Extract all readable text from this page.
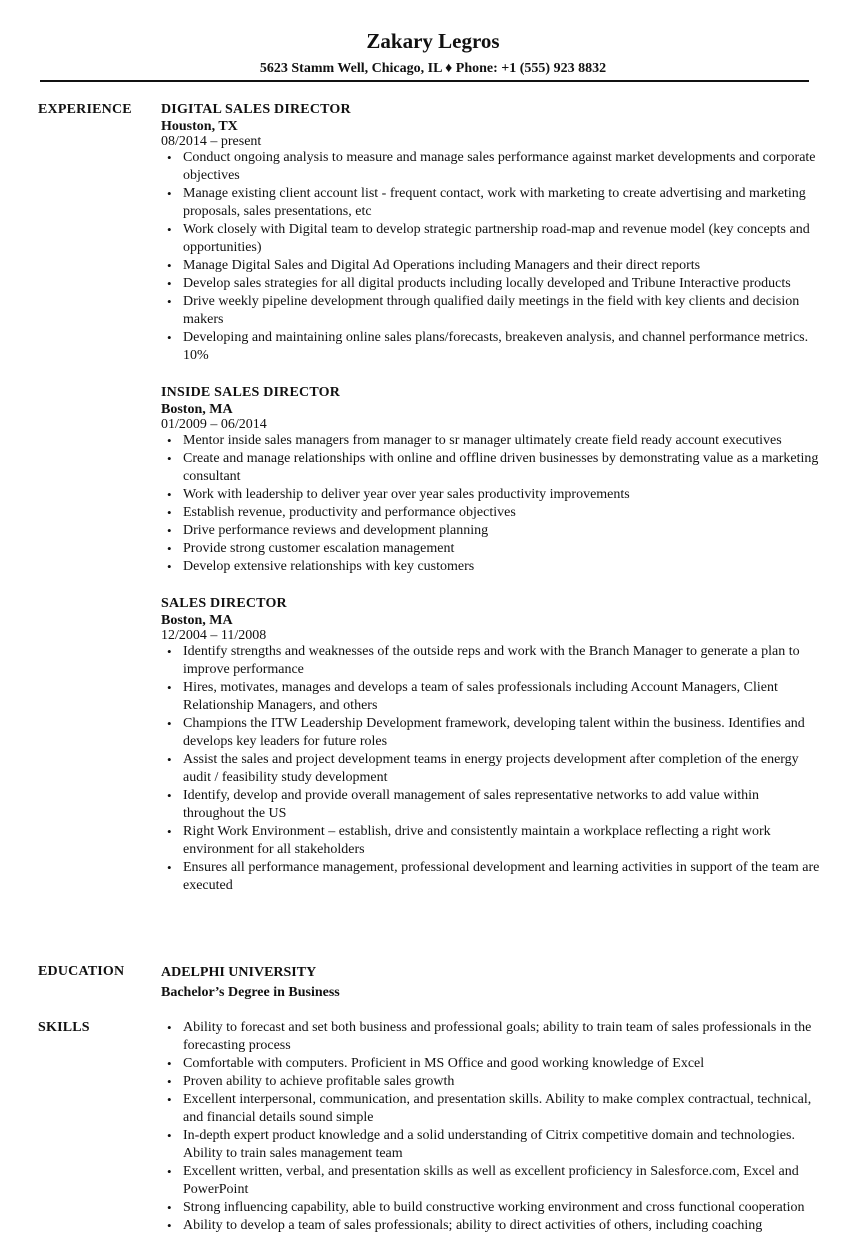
Zakary Legros
5623 Stamm Well, Chicago, IL ♦ Phone: +1 (555) 923 8832
EXPERIENCE DIGITAL SALES DIRECTOR
Houston, TX
08/2014 – present
• Conduct ongoing analysis to measure and manage sales performance against market developments and corporate objectives
• Manage existing client account list - frequent contact, work with marketing to create advertising and marketing proposals, sales presentations, etc
• Work closely with Digital team to develop strategic partnership road-map and revenue model (key concepts and opportunities)
• Manage Digital Sales and Digital Ad Operations including Managers and their direct reports
• Develop sales strategies for all digital products including locally developed and Tribune Interactive products
• Drive weekly pipeline development through qualified daily meetings in the field with key clients and decision makers
• Developing and maintaining online sales plans/forecasts, breakeven analysis, and channel performance metrics. 10%
INSIDE SALES DIRECTOR
Boston, MA
01/2009 – 06/2014
• Mentor inside sales managers from manager to sr manager ultimately create field ready account executives
• Create and manage relationships with online and offline driven businesses by demonstrating value as a marketing consultant
• Work with leadership to deliver year over year sales productivity improvements
• Establish revenue, productivity and performance objectives
• Drive performance reviews and development planning
• Provide strong customer escalation management
• Develop extensive relationships with key customers
SALES DIRECTOR
Boston, MA
12/2004 – 11/2008
• Identify strengths and weaknesses of the outside reps and work with the Branch Manager to generate a plan to improve performance
• Hires, motivates, manages and develops a team of sales professionals including Account Managers, Client Relationship Managers, and others
• Champions the ITW Leadership Development framework, developing talent within the business. Identifies and develops key leaders for future roles
• Assist the sales and project development teams in energy projects development after completion of the energy audit / feasibility study development
• Identify, develop and provide overall management of sales representative networks to add value within throughout the US
• Right Work Environment – establish, drive and consistently maintain a workplace reflecting a right work environment for all stakeholders
• Ensures all performance management, professional development and learning activities in support of the team are executed
EDUCATION	ADELPHI UNIVERSITY
Bachelor’s Degree in Business
SKILLS
•	Ability to forecast and set both business and professional goals; ability to train team of sales professionals in the forecasting process
• Comfortable with computers. Proficient in MS Office and good working knowledge of Excel
• Proven ability to achieve profitable sales growth
• Excellent interpersonal, communication, and presentation skills. Ability to make complex contractual, technical, and financial details sound simple
• In-depth expert product knowledge and a solid understanding of Citrix competitive domain and technologies. Ability to train sales management team
• Excellent written, verbal, and presentation skills as well as excellent proficiency in Salesforce.com, Excel and PowerPoint
• Strong influencing capability, able to build constructive working environment and cross functional cooperation
• Ability to develop a team of sales professionals; ability to direct activities of others, including coaching
